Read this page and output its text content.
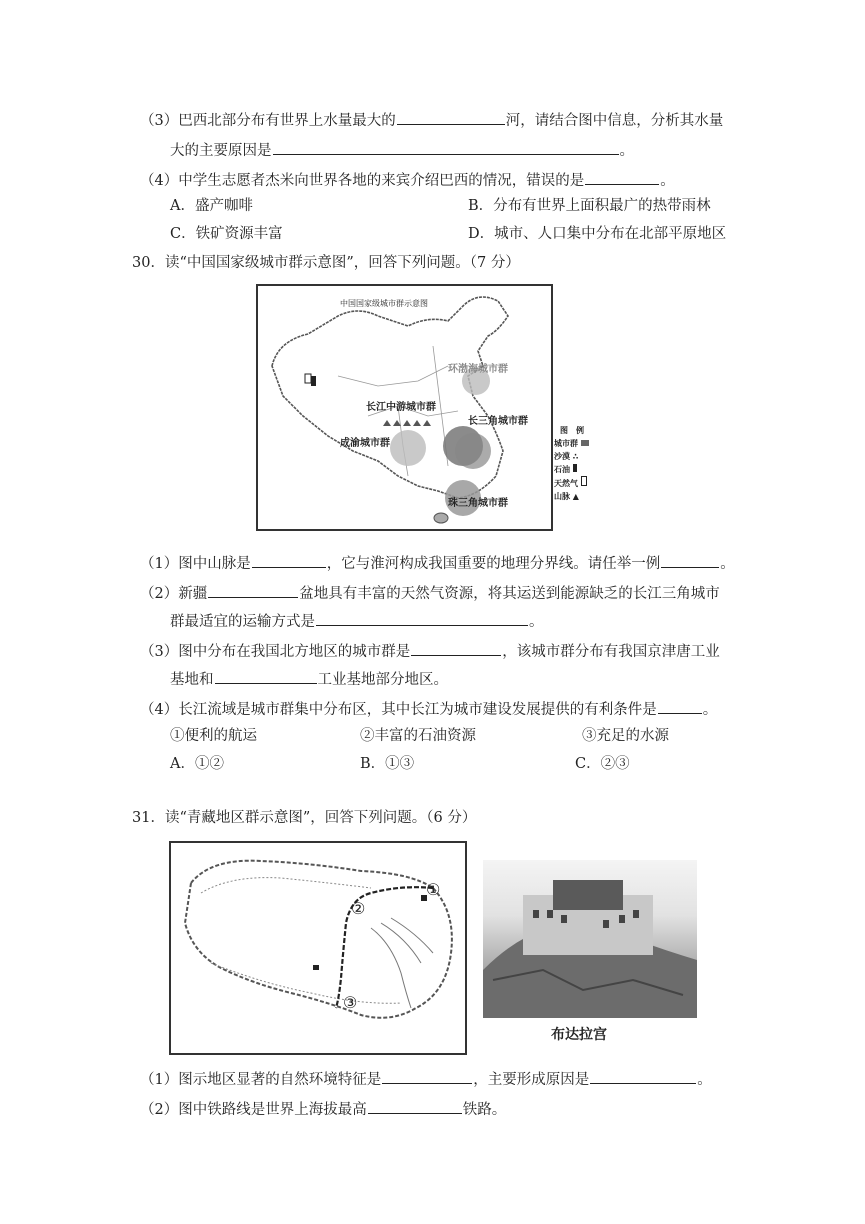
（3）巴西北部分布有世界上水量最大的	河，请结合图中信息，分析其水量
大的主要原因是	。
（4）中学生志愿者杰米向世界各地的来宾介绍巴西的情况，错误的是	。
A．盛产咖啡	B．分布有世界上面积最广的热带雨林
C．铁矿资源丰富	D．城市、人口集中分布在北部平原地区
30．读“中国国家级城市群示意图”，回答下列问题。（7 分）
中国国家级城市群示意图
环渤海城市群
长江中游城市群
长三角城市群
成渝城市群
珠三角城市群
图　例
城市群
沙漠 ∴
石油
天然气
山脉 ▲
（1）图中山脉是	，它与淮河构成我国重要的地理分界线。请任举一例	。
（2）新疆	盆地具有丰富的天然气资源，将其运送到能源缺乏的长江三角城市
群最适宜的运输方式是	。
（3）图中分布在我国北方地区的城市群是	，该城市群分布有我国京津唐工业
基地和	工业基地部分地区。
（4）长江流域是城市群集中分布区，其中长江为城市建设发展提供的有利条件是	。
①便利的航运	②丰富的石油资源	③充足的水源
A．①②	B．①③	C．②③
31．读“青藏地区群示意图”，回答下列问题。（6 分）
①
②
③
布达拉宫
（1）图示地区显著的自然环境特征是	，主要形成原因是	。
（2）图中铁路线是世界上海拔最高	铁路。
